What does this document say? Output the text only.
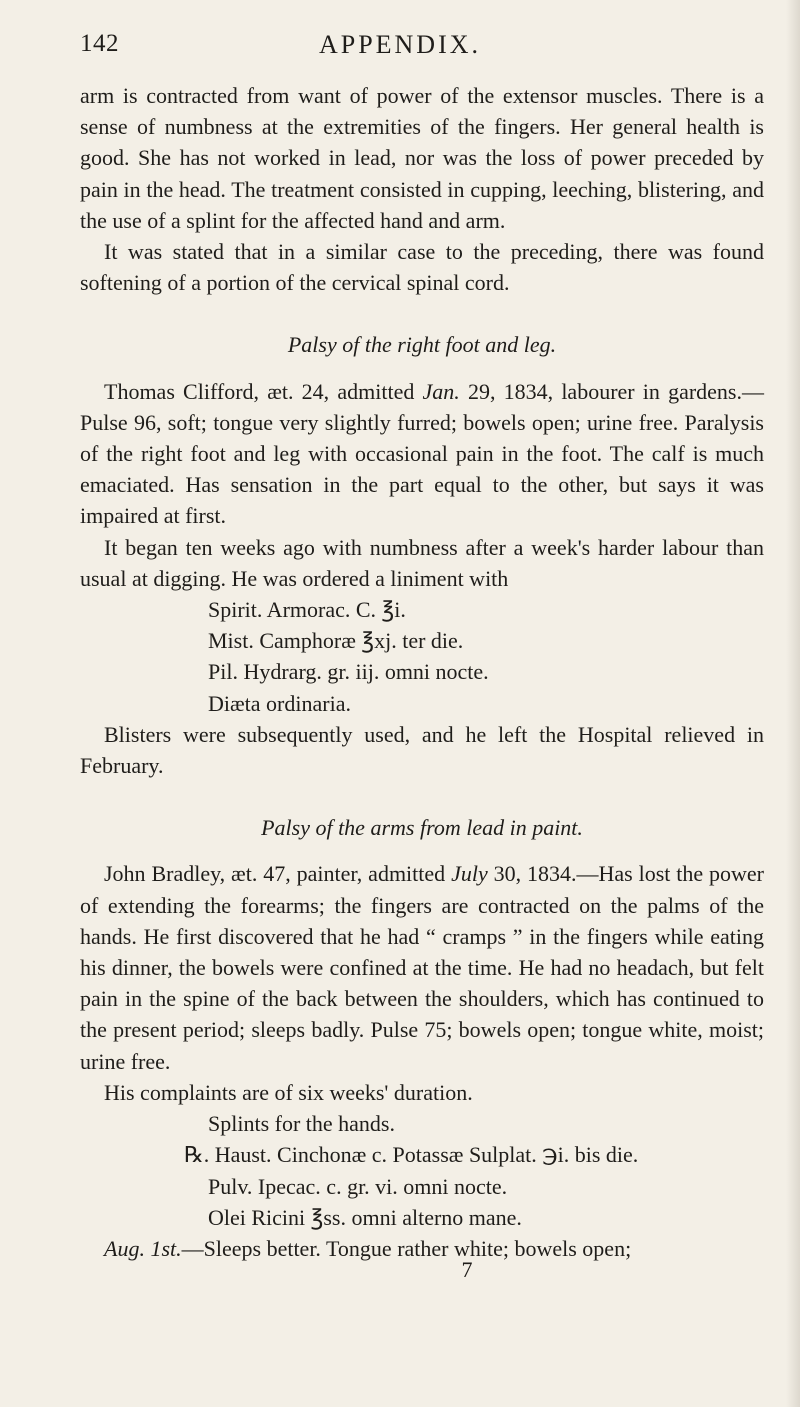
142	APPENDIX.

arm is contracted from want of power of the extensor muscles. There is a sense of numbness at the extremities of the fingers. Her general health is good. She has not worked in lead, nor was the loss of power preceded by pain in the head. The treatment consisted in cupping, leeching, blistering, and the use of a splint for the affected hand and arm.

It was stated that in a similar case to the preceding, there was found softening of a portion of the cervical spinal cord.

Palsy of the right foot and leg.

Thomas Clifford, æt. 24, admitted Jan. 29, 1834, labourer in gardens.—Pulse 96, soft; tongue very slightly furred; bowels open; urine free. Paralysis of the right foot and leg with occasional pain in the foot. The calf is much emaciated. Has sensation in the part equal to the other, but says it was impaired at first.

It began ten weeks ago with numbness after a week's harder labour than usual at digging. He was ordered a liniment with

Spirit. Armorac. C. ℥i.

Mist. Camphoræ ℥xj. ter die.

Pil. Hydrarg. gr. iij. omni nocte.

Diæta ordinaria.

Blisters were subsequently used, and he left the Hospital relieved in February.

Palsy of the arms from lead in paint.

John Bradley, æt. 47, painter, admitted July 30, 1834.—Has lost the power of extending the forearms; the fingers are contracted on the palms of the hands. He first discovered that he had “ cramps ” in the fingers while eating his dinner, the bowels were confined at the time. He had no headach, but felt pain in the spine of the back between the shoulders, which has continued to the present period; sleeps badly. Pulse 75; bowels open; tongue white, moist; urine free.

His complaints are of six weeks' duration.

Splints for the hands.

℞. Haust. Cinchonæ c. Potassæ Sulplat. ℈i. bis die.

Pulv. Ipecac. c. gr. vi. omni nocte.

Olei Ricini ℥ss. omni alterno mane.

Aug. 1st.—Sleeps better. Tongue rather white; bowels open;

7
